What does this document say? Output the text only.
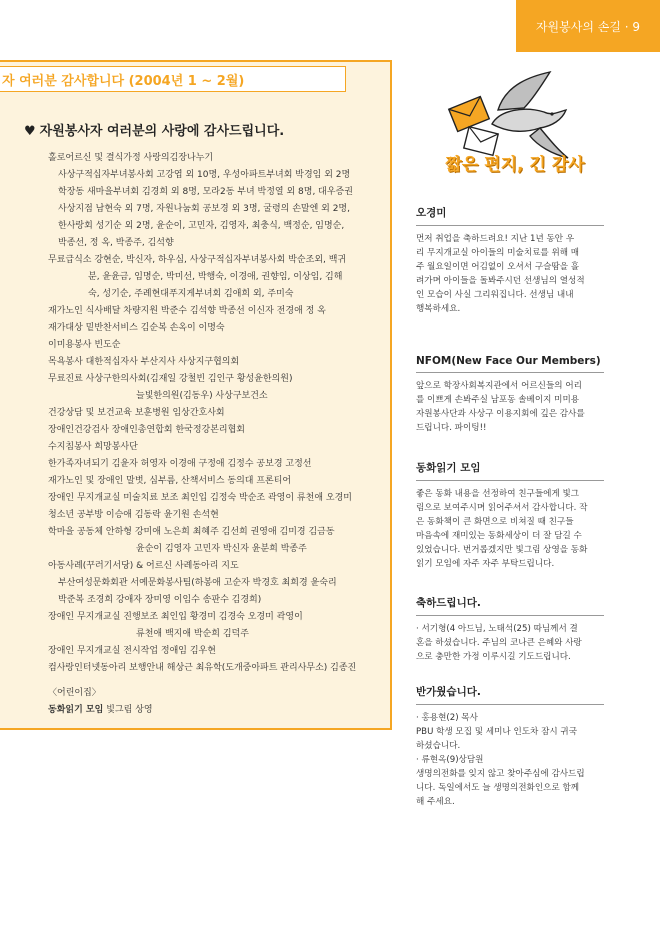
자원봉사의 손길 · 9
자 여러분 감사합니다 (2004년 1 ~ 2월)
♥ 자원봉사자 여러분의 사랑에 감사드립니다.
홀로어르신 및 결식가정 사랑의김장나누기
사상구적십자부녀봉사회 고강엽 외 10명, 우성아파트부녀회 박경임 외 2명
학장동 새마을부녀회 김경희 외 8명, 모라2동 부녀 박정열 외 8명, 대우증권
사상지점 남현숙 외 7명, 자원나눔회 공보경 외 3명, 굴령의 손말엔 외 2명,
한사랑회 성기순 외 2명, 윤순이, 고민자, 김영자, 최충식, 백정순, 임명순,
박종선, 정 옥, 박종주, 김석향
무료급식소 강현순, 박신자, 하우심, 사상구적십자부녀봉사회 박순조외, 백귀
분, 윤윤금, 임명순, 박미선, 박행숙, 이경애, 권향임, 이상임, 김해
숙, 성기순, 주례현대푸지게부녀회 김애희 외, 주미숙
재가노인 식사배달 차량지원 박준수 김석향 박종선 이신자 전경애 정 옥
재가대상 밑반찬서비스 김순복 손옥이 이명숙
이미용봉사 빈도순
목욕봉사 대한적십자사 부산지사 사상지구협의회
무료진료 사상구한의사회(김재일 강철빈 김인구 황성윤한의원)
늘빛한의원(김동우) 사상구보건소
건강상담 및 보건교육 보훈병원 임상간호사회
장애인건강검사 장애인총연합회 한국정강본리협회
수지침봉사 희망봉사단
한가족자녀되기 김윤자 허영자 이경애 구정애 김정수 공보경 고정선
재가노인 및 장애인 말벗, 심부름, 산책서비스 동의대 프론티어
장애인 무지개교실 미술치료 보조 최인입 김정숙 박순조 곽영이 류천애 오경미
청소년 공부방 이승애 김동락 윤기원 손석현
학마을 공동체 안하형 강미애 노은희 최혜주 김선희 권영애 김미경 김금동
윤순이 김영자 고민자 박신자 윤분희 박종주
아동사례(꾸러기서당) & 어르신 사례동아리 지도
부산여성문화회관 서예문화봉사팀(하봉애 고순자 박경호 최희경 윤숙리
박준복 조경희 강애자 장미영 이임수 송판수 김경희)
장애인 무지개교실 진행보조 최인입 황경미 김경숙 오경미 곽영이
류천애 백지애 박순희 김덕주
장애인 무지개교실 전시작업 정애임 김우현
컴사랑인터넷동아리 보행안내 해상근 최유학(도개중아파트 관리사무소) 김종진
〈어린이집〉
동화읽기 모임 빛그림 상영
짧은 편지, 긴 감사
오경미
먼저 취업을 축하드려요! 지난 1년 동안 우
리 무지개교실 아이들의 미술치료를 위해 매
주 월요일이면 어김없이 오셔서 구슬땀을 흘
려가며 아이들을 돌봐주시던 선생님의 열성적
인 모습이 사실 그리워집니다. 선생님 내내
행복하세요.
NFOM(New Face Our Members)
앞으로 학장사회복지관에서 어르신들의 어리
를 이쁘게 손봐주실 남포동 솔베이지 미미용
자원봉사단과 사상구 이용지회에 깊은 감사를
드립니다. 파이팅!!
동화읽기 모임
좋은 동화 내용을 선정하여 친구들에게 빛그
림으로 보여주시며 읽어주셔서 감사합니다. 작
은 동화책이 큰 화면으로 비쳐질 때 친구들
마음속에 재미있는 동화세상이 더 잘 담길 수
있었습니다. 번거롭겠지만 빛그림 상영을 동화
읽기 모임에 자주 자주 부탁드립니다.
축하드립니다.
· 서기형(4 아드님, 노태석(25) 따님께서 결
혼을 하셨습니다. 주님의 코나큰 은혜와 사랑
으로 충만한 가정 이루시길 기도드립니다.
반가웠습니다.
· 홍용현(2) 목사
PBU 학생 모집 및 세미나 인도차 잠시 귀국
하셨습니다.
· 류현옥(9)상담원
생명의전화를 잊지 않고 찾아주심에 감사드립
니다. 독일에서도 늘 생명의전화인으로 함께
해 주세요.
